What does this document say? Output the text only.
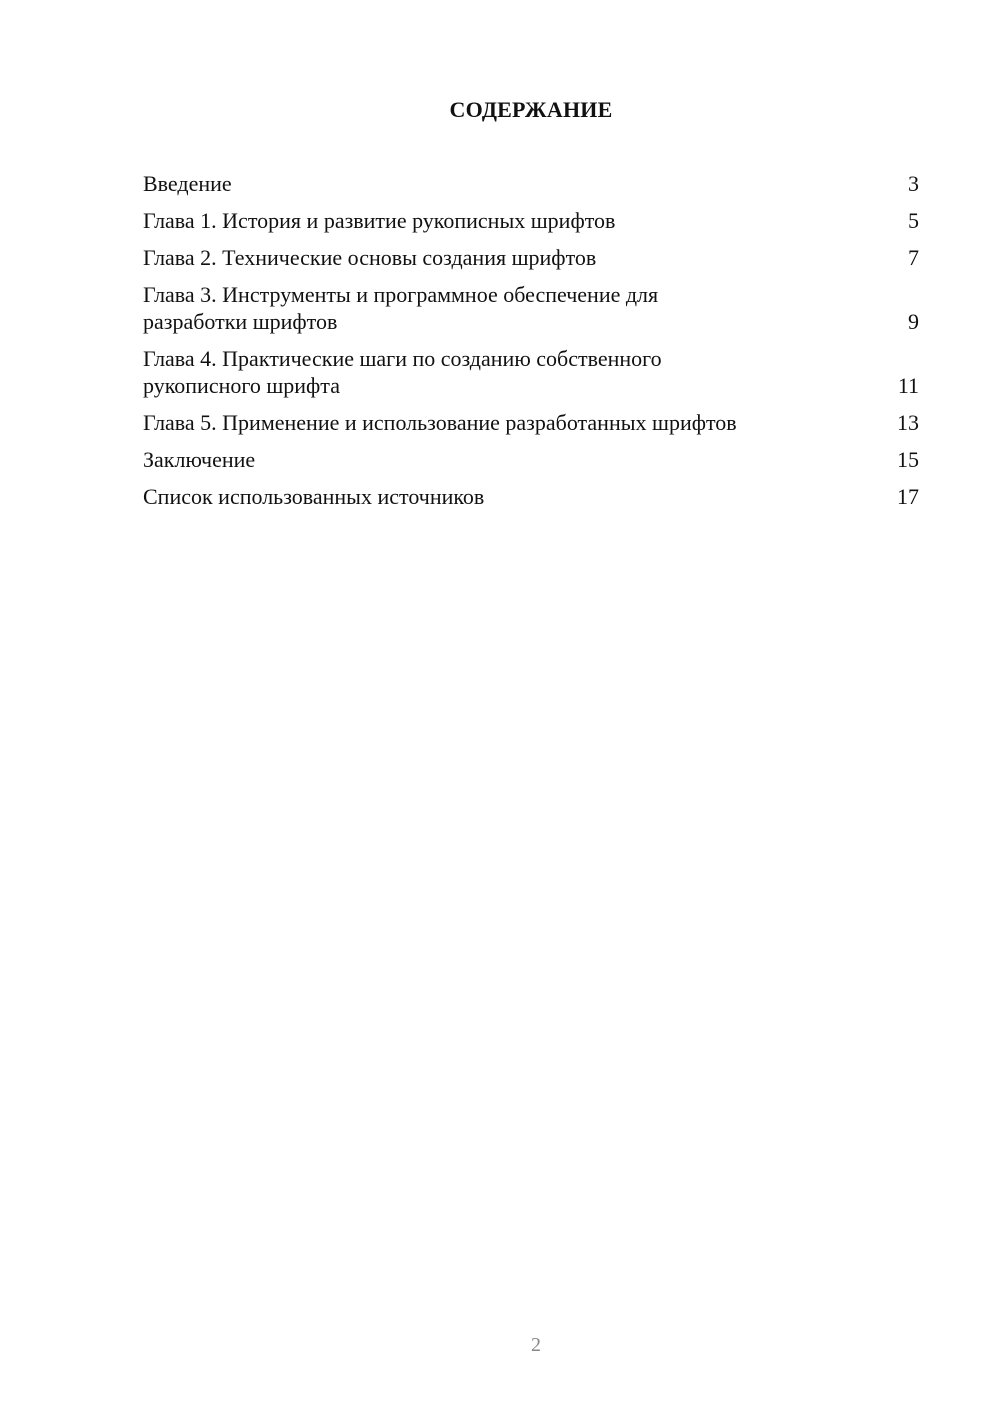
СОДЕРЖАНИЕ
Введение	3
Глава 1. История и развитие рукописных шрифтов	5
Глава 2. Технические основы создания шрифтов	7
Глава 3. Инструменты и программное обеспечение для
разработки шрифтов	9
Глава 4. Практические шаги по созданию собственного
рукописного шрифта	11
Глава 5. Применение и использование разработанных шрифтов	13
Заключение	15
Список использованных источников	17
2
